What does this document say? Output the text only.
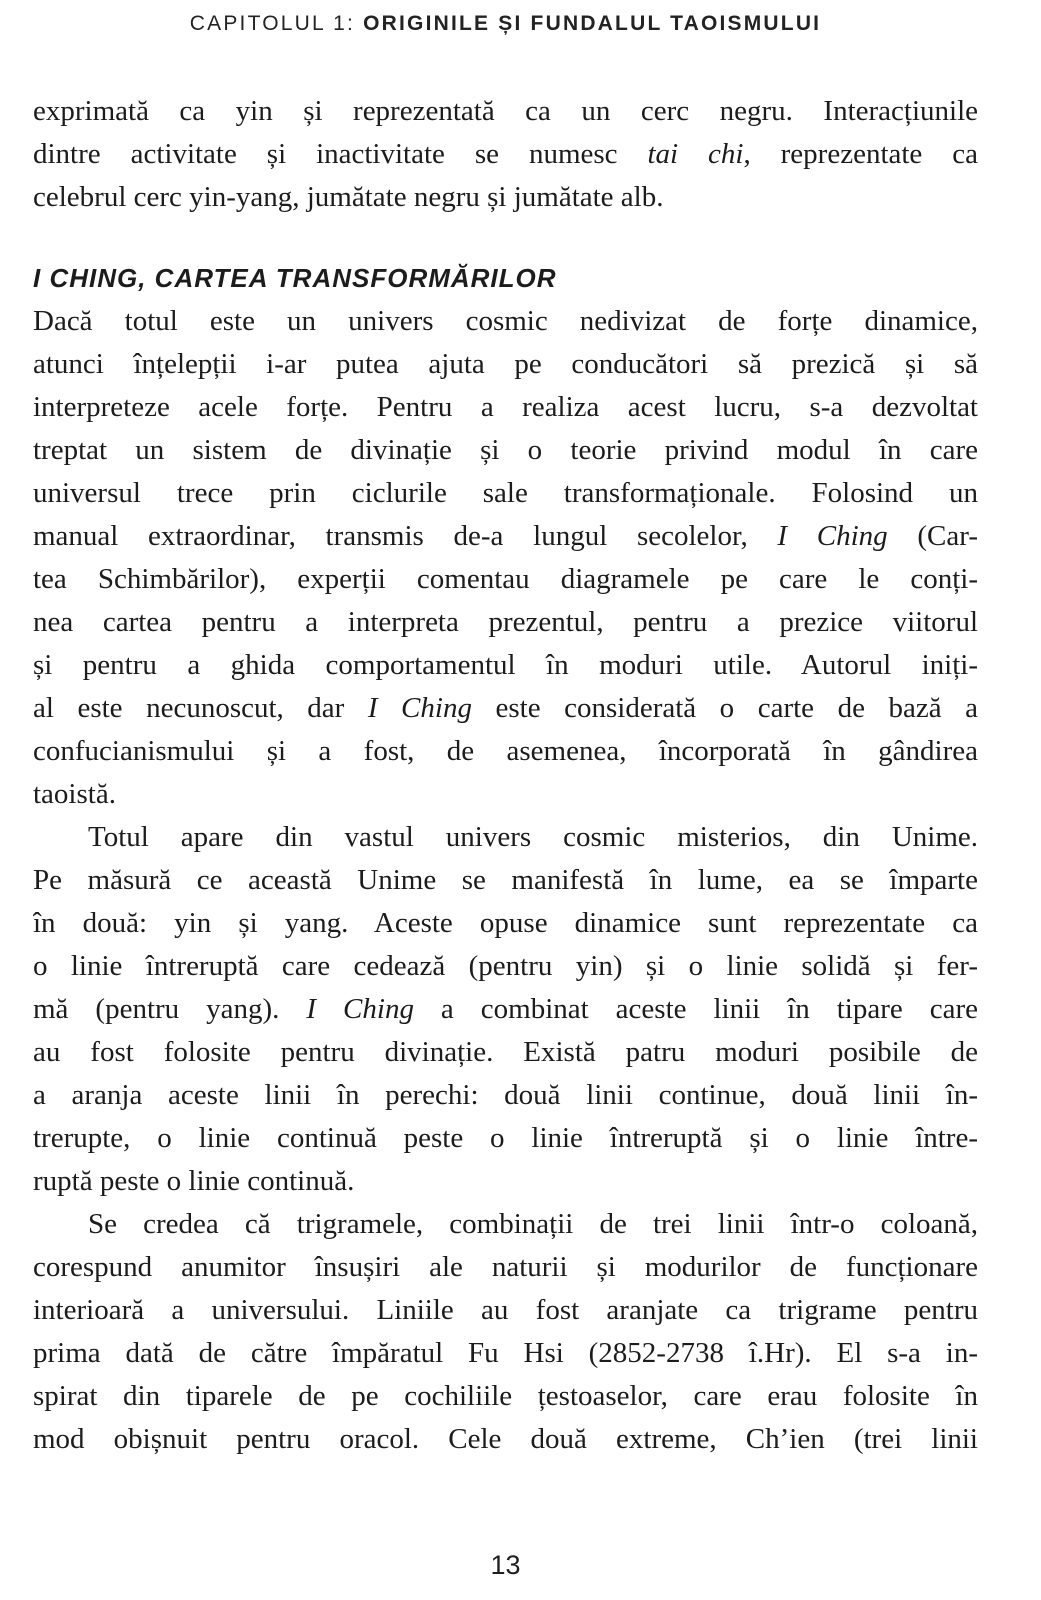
CAPITOLUL 1: ORIGINILE ȘI FUNDALUL TAOISMULUI
exprimată ca yin și reprezentată ca un cerc negru. Interacțiunile
dintre activitate și inactivitate se numesc tai chi, reprezentate ca
celebrul cerc yin-yang, jumătate negru și jumătate alb.
I CHING, CARTEA TRANSFORMĂRILOR
Dacă totul este un univers cosmic nedivizat de forțe dinamice,
atunci înțelepții i-ar putea ajuta pe conducători să prezică și să
interpreteze acele forțe. Pentru a realiza acest lucru, s-a dezvoltat
treptat un sistem de divinație și o teorie privind modul în care
universul trece prin ciclurile sale transformaționale. Folosind un
manual extraordinar, transmis de-a lungul secolelor, I Ching (Car-
tea Schimbărilor), experții comentau diagramele pe care le conți-
nea cartea pentru a interpreta prezentul, pentru a prezice viitorul
și pentru a ghida comportamentul în moduri utile. Autorul iniți-
al este necunoscut, dar I Ching este considerată o carte de bază a
confucianismului și a fost, de asemenea, încorporată în gândirea
taoistă.
Totul apare din vastul univers cosmic misterios, din Unime.
Pe măsură ce această Unime se manifestă în lume, ea se împarte
în două: yin și yang. Aceste opuse dinamice sunt reprezentate ca
o linie întreruptă care cedează (pentru yin) și o linie solidă și fer-
mă (pentru yang). I Ching a combinat aceste linii în tipare care
au fost folosite pentru divinație. Există patru moduri posibile de
a aranja aceste linii în perechi: două linii continue, două linii în-
trerupte, o linie continuă peste o linie întreruptă și o linie între-
ruptă peste o linie continuă.
Se credea că trigramele, combinații de trei linii într-o coloană,
corespund anumitor însușiri ale naturii și modurilor de funcționare
interioară a universului. Liniile au fost aranjate ca trigrame pentru
prima dată de către împăratul Fu Hsi (2852-2738 î.Hr). El s-a in-
spirat din tiparele de pe cochiliile țestoaselor, care erau folosite în
mod obișnuit pentru oracol. Cele două extreme, Ch’ien (trei linii
13
